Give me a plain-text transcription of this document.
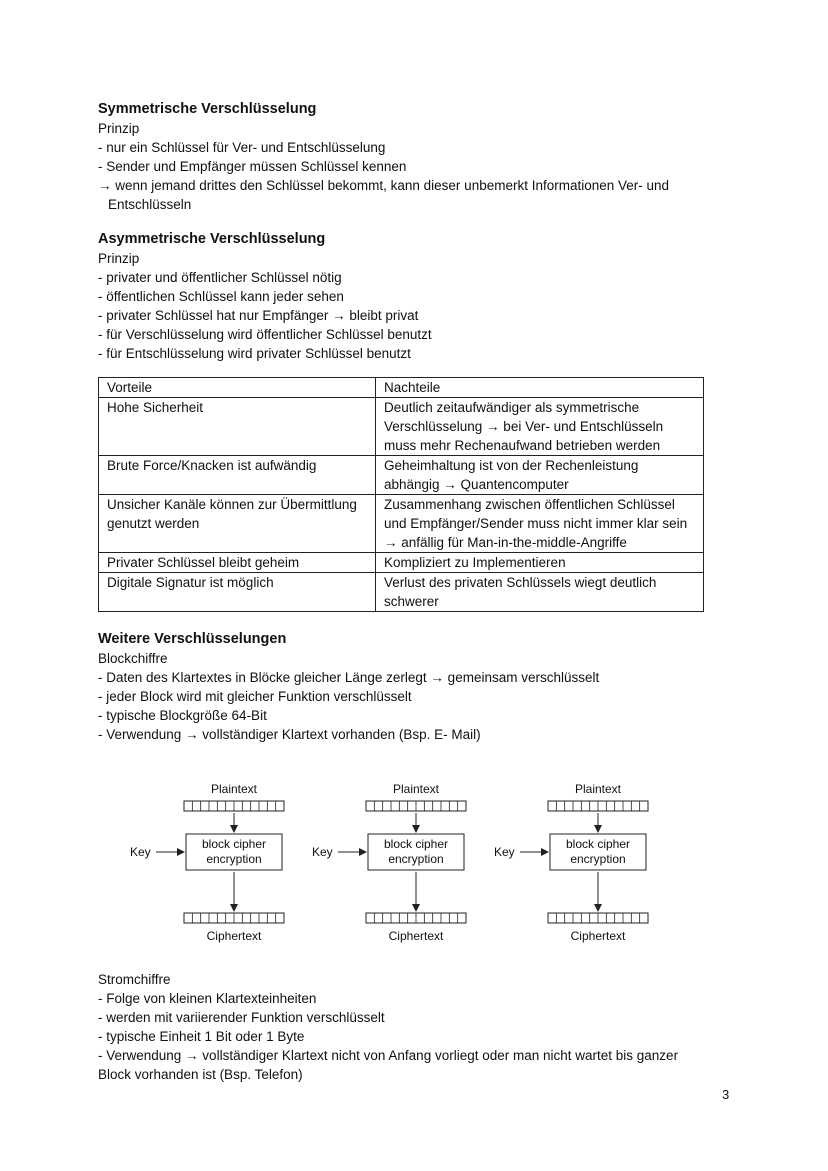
Symmetrische Verschlüsselung

Prinzip

- nur ein Schlüssel für Ver- und Entschlüsselung

- Sender und Empfänger müssen Schlüssel kennen

→ wenn jemand drittes den Schlüssel bekommt, kann dieser unbemerkt Informationen Ver- und

Entschlüsseln

Asymmetrische Verschlüsselung

Prinzip

- privater und öffentlicher Schlüssel nötig

- öffentlichen Schlüssel kann jeder sehen

- privater Schlüssel hat nur Empfänger → bleibt privat

- für Verschlüsselung wird öffentlicher Schlüssel benutzt

- für Entschlüsselung wird privater Schlüssel benutzt

Vorteile	Nachteile
Hohe Sicherheit	Deutlich zeitaufwändiger als symmetrische Verschlüsselung → bei Ver- und Entschlüsseln muss mehr Rechenaufwand betrieben werden
Brute Force/Knacken ist aufwändig	Geheimhaltung ist von der Rechenleistung abhängig → Quantencomputer
Unsicher Kanäle können zur Übermittlung genutzt werden	Zusammenhang zwischen öffentlichen Schlüssel und Empfänger/Sender muss nicht immer klar sein → anfällig für Man-in-the-middle-Angriffe
Privater Schlüssel bleibt geheim	Kompliziert zu Implementieren
Digitale Signatur ist möglich	Verlust des privaten Schlüssels wiegt deutlich schwerer

Weitere Verschlüsselungen

Blockchiffre

- Daten des Klartextes in Blöcke gleicher Länge zerlegt → gemeinsam verschlüsselt

- jeder Block wird mit gleicher Funktion verschlüsselt

- typische Blockgröße 64-Bit

- Verwendung → vollständiger Klartext vorhanden (Bsp. E- Mail)

Stromchiffre

- Folge von kleinen Klartexteinheiten

- werden mit variierender Funktion verschlüsselt

- typische Einheit 1 Bit oder 1 Byte

- Verwendung → vollständiger Klartext nicht von Anfang vorliegt oder man nicht wartet bis ganzer Block vorhanden ist (Bsp. Telefon)

Plaintext
block cipher
encryption
Key
Ciphertext
Plaintext
block cipher
encryption
Key
Ciphertext
Plaintext
block cipher
encryption
Key
Ciphertext
3
